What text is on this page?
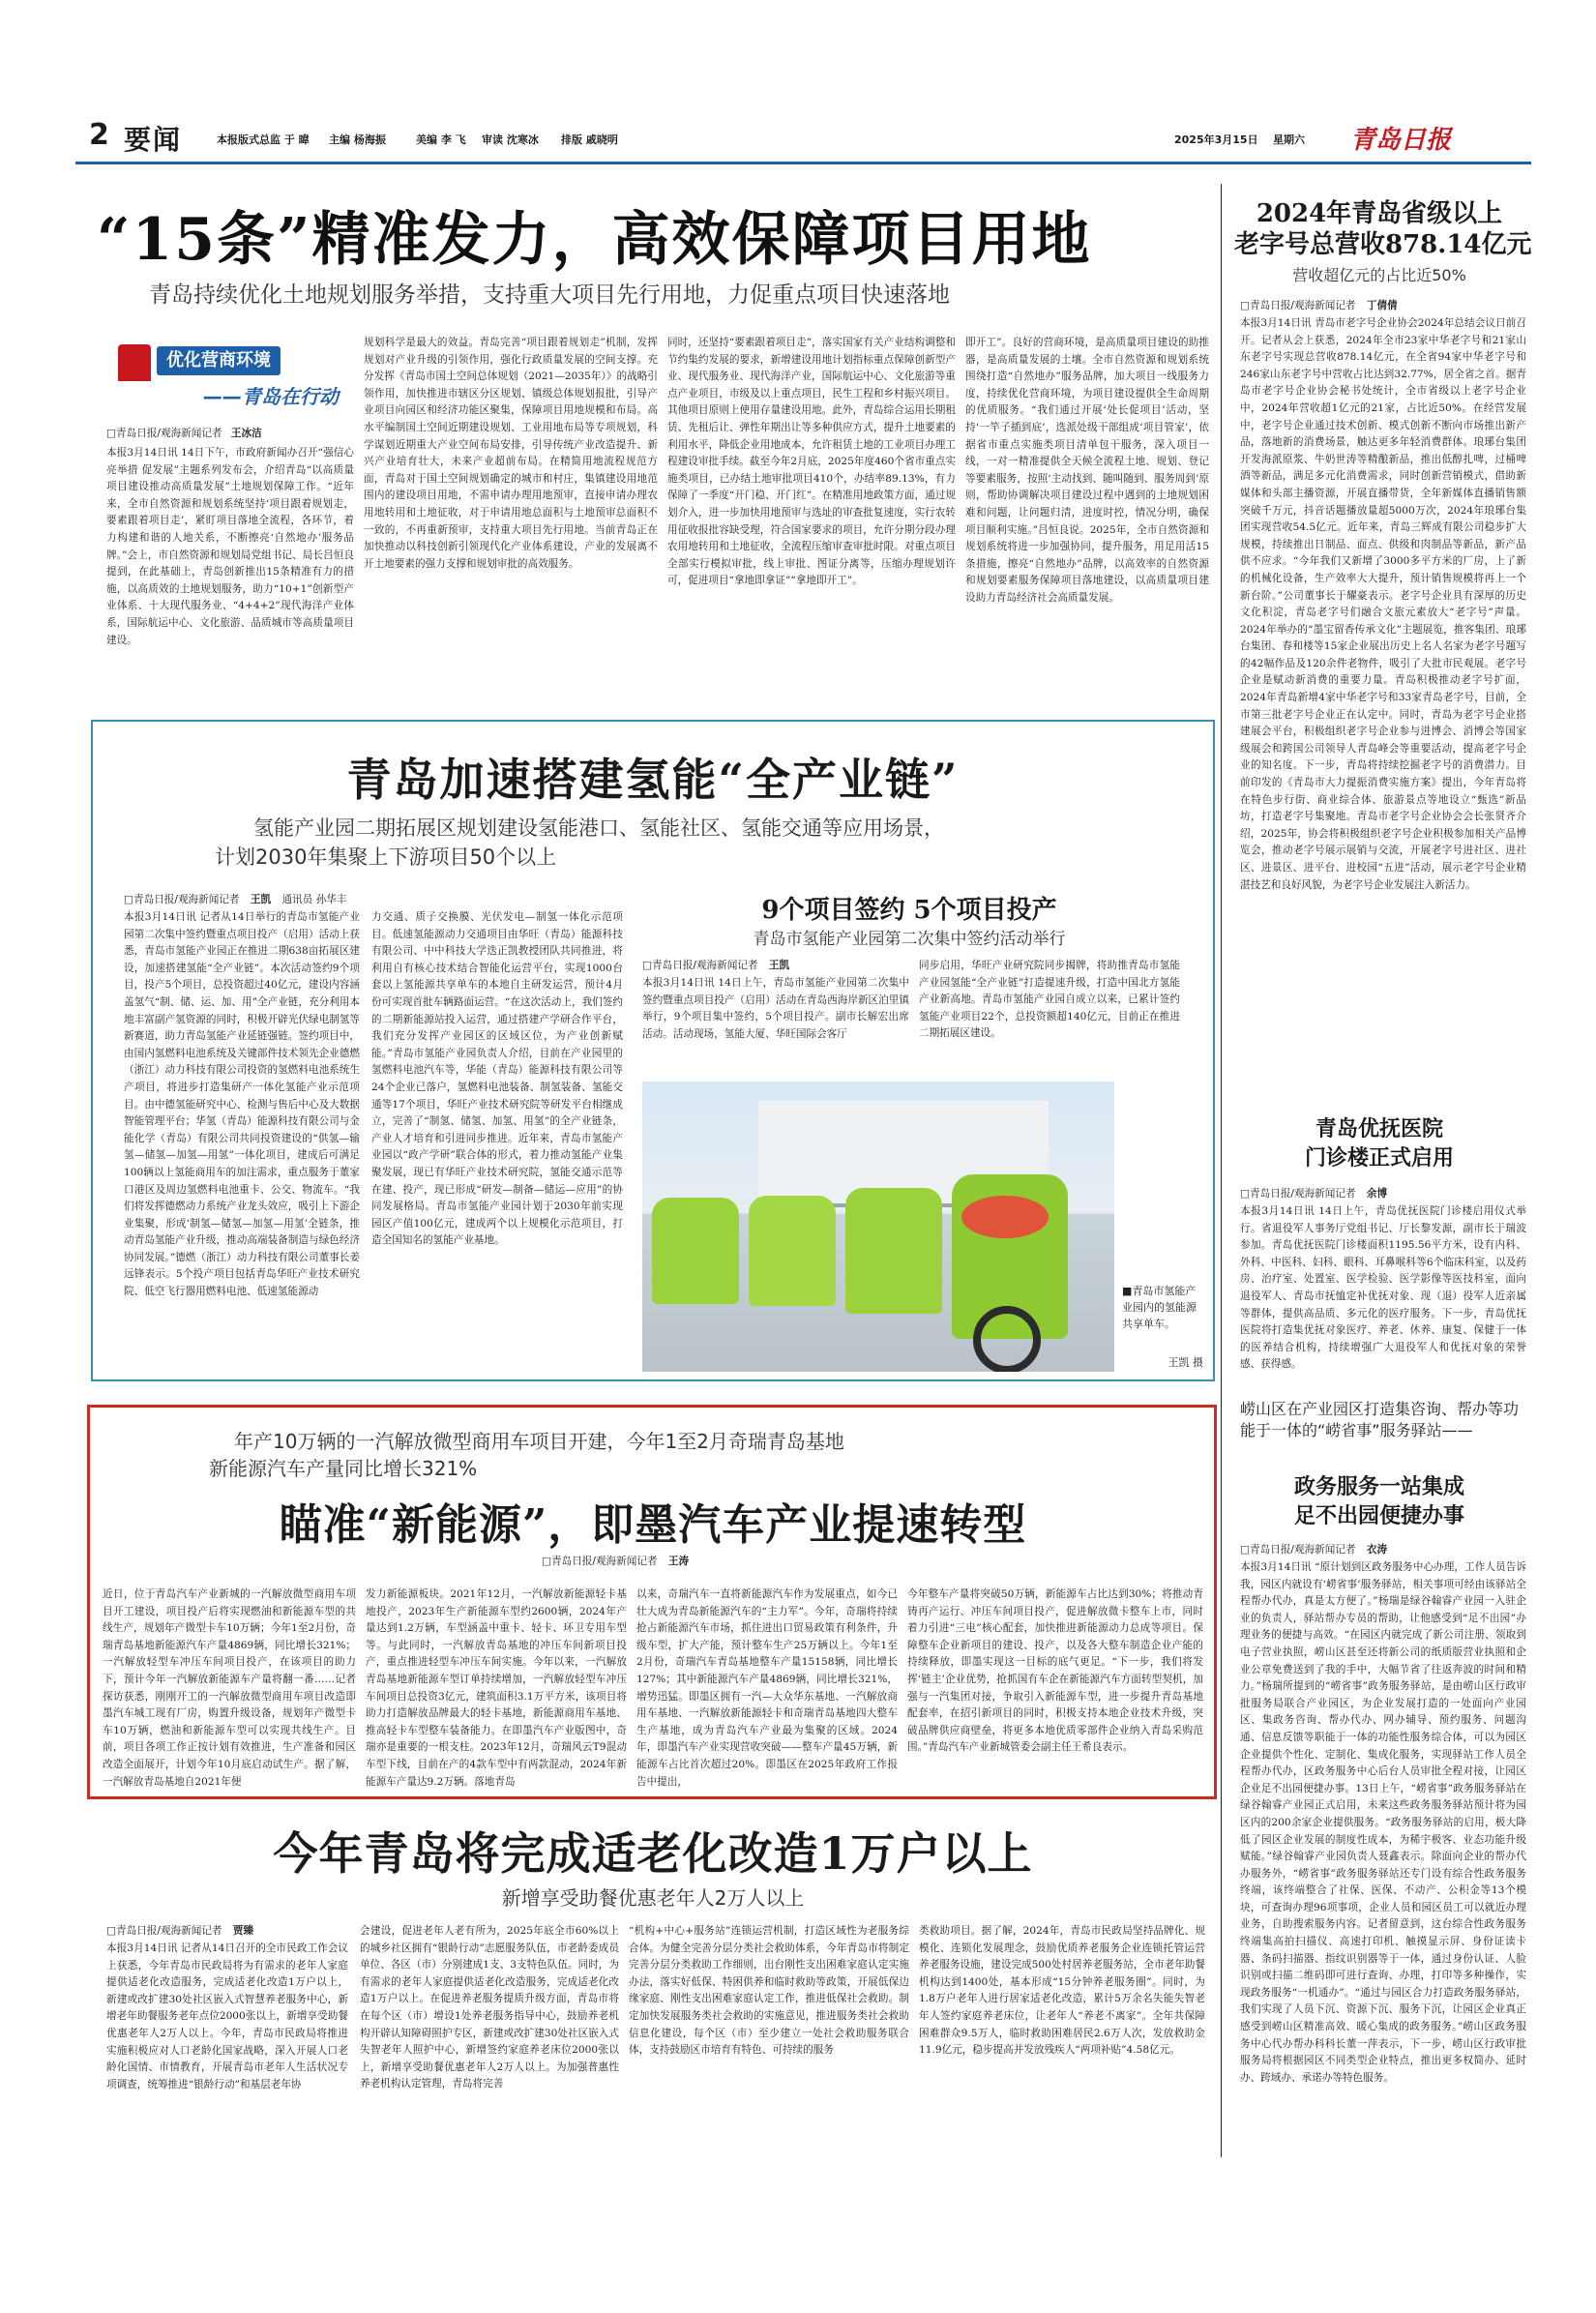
2 要闻	本报版式总监 于 暐 主编 杨海振	美编 李 飞 审读 沈寒冰 排版 戚晓明	2025年3月15日 星期六 青岛日报
“15条”精准发力，高效保障项目用地
青岛持续优化土地规划服务举措，支持重大项目先行用地，力促重点项目快速落地
优化营商环境
——青岛在行动
□青岛日报/观海新闻记者 王冰洁
本报3月14日讯 14日下午，市政府新闻办召开“强信心 亮举措 促发展”主题系列发布会，介绍青岛“以高质量项目建设推动高质量发展”土地规划保障工作。“近年来，全市自然资源和规划系统坚持‘项目跟着规划走，要素跟着项目走’，紧盯项目落地全流程，各环节，着力构建和谐的人地关系，不断擦亮‘自然地办’服务品牌。”会上，市自然资源和规划局党组书记、局长吕恒良提到，在此基础上，青岛创新推出15条精准有力的措施，以高质效的土地规划服务，助力“10+1”创新型产业体系、十大现代服务业、“4+4+2”现代海洋产业体系，国际航运中心、文化旅游、品质城市等高质量项目建设。
规划科学是最大的效益。青岛完善“项目跟着规划走”机制，发挥规划对产业升级的引领作用，强化行政质量发展的空间支撑。充分发挥《青岛市国土空间总体规划（2021—2035年）》的战略引领作用，加快推进市辖区分区规划、镇级总体规划报批，引导产业项目向园区和经济功能区聚集，保障项目用地规模和布局。高水平编制国土空间近期建设规划、工业用地布局等专项规划，科学谋划近期重大产业空间布局安排，引导传统产业改造提升、新兴产业培育壮大，未来产业超前布局。在精简用地流程规范方面，青岛对于国土空间规划确定的城市和村庄，集镇建设用地范围内的建设项目用地，不需申请办理用地预审，直接申请办理农用地转用和土地征收，对于申请用地总面积与土地预审总面积不一致的，不再重新预审，支持重大项目先行用地。当前青岛正在加快推动以科技创新引领现代化产业体系建设，产业的发展离不开土地要素的强力支撑和规划审批的高效服务。
同时，还坚持“要素跟着项目走”，落实国家有关产业结构调整和节约集约发展的要求，新增建设用地计划指标重点保障创新型产业、现代服务业、现代海洋产业，国际航运中心、文化旅游等重点产业项目，市级及以上重点项目，民生工程和乡村振兴项目。其他项目原则上使用存量建设用地。此外，青岛综合运用长期租赁、先租后让、弹性年期出让等多种供应方式，提升土地要素的利用水平，降低企业用地成本，允许租赁土地的工业项目办理工程建设审批手续。截至今年2月底，2025年度460个省市重点实施类项目，已办结土地审批项目410个，办结率89.13%，有力保障了一季度“开门稳、开门红”。在精准用地政策方面，通过规划介入，进一步加快用地预审与选址的审查批复速度，实行农转用征收报批容缺受理，符合国家要求的项目，允许分期分段办理农用地转用和土地征收，全流程压缩审查审批时限。对重点项目全部实行模拟审批，线上审批、图证分离等，压缩办理规划许可，促进项目“拿地即拿证”“拿地即开工”。
即开工”。良好的营商环境，是高质量项目建设的助推器，是高质量发展的土壤。全市自然资源和规划系统围绕打造“自然地办”服务品牌，加大项目一线服务力度，持续优化营商环境，为项目建设提供全生命周期的优质服务。“我们通过开展‘处长促项目’活动，坚持‘一竿子插到底’，选派处级干部组成‘项目管家’，依据省市重点实施类项目清单包干服务，深入项目一线，一对一精准提供全天候全流程土地、规划、登记等要素服务，按照‘主动找到、随叫随到、服务周到’原则，帮助协调解决项目建设过程中遇到的土地规划困难和问题，让问题归清，进度时控，情况分明，确保项目顺利实施。”吕恒良说。2025年，全市自然资源和规划系统将进一步加强协同，提升服务，用足用活15条措施，擦亮“自然地办”品牌，以高效率的自然资源和规划要素服务保障项目落地建设，以高质量项目建设助力青岛经济社会高质量发展。
2024年青岛省级以上
老字号总营收878.14亿元
营收超亿元的占比近50%
□青岛日报/观海新闻记者 丁倩倩
本报3月14日讯 青岛市老字号企业协会2024年总结会议日前召开。记者从会上获悉，2024年全市23家中华老字号和21家山东老字号实现总营收878.14亿元，在全省94家中华老字号和246家山东老字号中营收占比达到32.77%，居全省之首。据青岛市老字号企业协会秘书处统计，全市省级以上老字号企业中，2024年营收超1亿元的21家，占比近50%。在经营发展中，老字号企业通过技术创新、模式创新不断向市场推出新产品，落地新的消费场景，触达更多年轻消费群体。琅琊台集团开发海派原浆、牛奶世涛等精酿新品，推出低醇扎啤，过桶啤酒等新品，满足多元化消费需求，同时创新营销模式，借助新媒体和头部主播资源，开展直播带货，全年新媒体直播销售额突破千万元，抖音话题播放量超5000万次，2024年琅琊台集团实现营收54.5亿元。近年来，青岛三辉成有限公司稳步扩大规模，持续推出日制品、面点、供级和肉制品等新品，新产品供不应求。“今年我们又新增了3000多平方米的厂房，上了新的机械化设备，生产效率大大提升，预计销售规模将再上一个新台阶。”公司董事长于耀豪表示。老字号企业具有深厚的历史文化积淀，青岛老字号们融合文旅元素放大“老字号”声量。2024年举办的“墨宝留香传承文化”主题展览，推客集团、琅琊台集团、春和楼等15家企业展出历史上名人名家为老字号题写的42幅作品及120余件老物件，吸引了大批市民观展。老字号企业是赋动新消费的重要力量。青岛积极推动老字号扩面，2024年青岛新增4家中华老字号和33家青岛老字号，目前，全市第三批老字号企业正在认定中。同时，青岛为老字号企业搭建展会平台，积极组织老字号企业参与进博会、消博会等国家级展会和跨国公司领导人青岛峰会等重要活动，提高老字号企业的知名度。下一步，青岛将持续挖掘老字号的消费潜力。目前印发的《青岛市大力提振消费实施方案》提出，今年青岛将在特色步行街、商业综合体、旅游景点等地设立“甄选”新品坊，打造老字号集聚地。青岛市老字号企业协会会长张贤齐介绍，2025年，协会将积极组织老字号企业积极参加相关产品博览会，推动老字号展示展销与交流，开展老字号进社区、进社区、进景区、进平台、进校园“五进”活动，展示老字号企业精湛技艺和良好风貌，为老字号企业发展注入新活力。
青岛优抚医院
门诊楼正式启用
□青岛日报/观海新闻记者 余博
本报3月14日讯 14日上午，青岛优抚医院门诊楼启用仪式举行。省退役军人事务厅党组书记、厅长黎发源，副市长于瑞波参加。青岛优抚医院门诊楼面积1195.56平方米，设有内科、外科、中医科、妇科、眼科、耳鼻喉科等6个临床科室，以及药房、治疗室、处置室、医学检验、医学影像等医技科室，面向退役军人、青岛市抚恤定补优抚对象、现（退）役军人近亲属等群体，提供高品质、多元化的医疗服务。下一步，青岛优抚医院将打造集优抚对象医疗、养老、休养、康复、保健于一体的医养结合机构，持续增强广大退役军人和优抚对象的荣誉感、获得感。
崂山区在产业园区打造集咨询、帮办等功能于一体的“崂省事”服务驿站——
政务服务一站集成
足不出园便捷办事
□青岛日报/观海新闻记者 衣涛
本报3月14日讯 “原计划到区政务服务中心办理，工作人员告诉我，园区内就设有‘崂省事’服务驿站，相关事项可经由该驿站全程帮办代办，真是太方便了。”杨瑞是绿谷翰睿产业园一入驻企业的负责人，驿站帮办专员的帮助，让他感受到“足不出园”办理业务的便捷与高效。“在园区内就完成了新公司注册、领取到电子营业执照，崂山区甚至还将新公司的纸质版营业执照和企业公章免费送到了我的手中，大幅节省了往返奔波的时间和精力。”杨瑞所提到的“崂省事”政务服务驿站，是由崂山区行政审批服务局联合产业园区，为企业发展打造的一处面向产业园区、集政务咨询、帮办代办、网办辅导、预约服务、问题沟通、信息反馈等职能于一体的功能性服务综合体，可以为园区企业提供个性化、定制化、集成化服务，实现驿站工作人员全程帮办代办，区政务服务中心后台人员审批全程对接，让园区企业足不出园便捷办事。13日上午，“崂省事”政务服务驿站在绿谷翰睿产业园正式启用，未来这些政务服务驿站预计将为园区内的200余家企业提供服务。“政务服务驿站的启用，极大降低了园区企业发展的制度性成本，为稀宇极客、业态功能升级赋能。”绿谷翰睿产业园负责人聂鑫表示。除面向企业的帮办代办服务外，“崂省事”政务服务驿站还专门设有综合性政务服务终端，该终端整合了社保、医保、不动产、公积金等13个模块，可查询办理96项事项，企业人员和园区员工可以就近办理业务，自助搜索服务内容。记者留意到，这台综合性政务服务终端集高拍扫描仪、高速打印机、触摸显示屏、身份证读卡器、条码扫描器、指纹识别器等于一体，通过身份认证、人脸识别或扫描二维码即可进行查询、办理，打印等多种操作，实现政务服务“一机通办”。“通过与园区合力打造政务服务驿站，我们实现了人员下沉、资源下沉、服务下沉，让园区企业真正感受到崂山区精准高效、暖心集成的政务服务。”崂山区政务服务中心代办帮办科科长董一萍表示，下一步，崂山区行政审批服务局将根据园区不同类型企业特点，推出更多权简办、延时办、跨域办、承诺办等特色服务。
青岛加速搭建氢能“全产业链”
氢能产业园二期拓展区规划建设氢能港口、氢能社区、氢能交通等应用场景，
计划2030年集聚上下游项目50个以上
□青岛日报/观海新闻记者 王凯 通讯员 孙华丰
本报3月14日讯 记者从14日举行的青岛市氢能产业园第二次集中签约暨重点项目投产（启用）活动上获悉，青岛市氢能产业园正在推进二期638亩拓展区建设，加速搭建氢能“全产业链”。本次活动签约9个项目，投产5个项目，总投资超过40亿元，建设内容涵盖氢气“制、储、运、加、用”全产业链，充分利用本地丰富副产氢资源的同时，积极开辟光伏绿电制氢等新赛道，助力青岛氢能产业延链强链。签约项目中，由国内氢燃料电池系统及关键部件技术领先企业德燃（浙江）动力科技有限公司投资的氢燃料电池系统生产项目，将进步打造集研产一体化氢能产业示范项目。由中德氢能研究中心、检测与售后中心及大数据智能管理平台；华氢（青岛）能源科技有限公司与金能化学（青岛）有限公司共同投资建设的“供氢—输氢—储氢—加氢—用氢”一体化项目，建成后可满足100辆以上氢能商用车的加注需求，重点服务于董家口港区及周边氢燃料电池重卡、公交、物流车。“我们将发挥德燃动力系统产业龙头效应，吸引上下游企业集聚，形成‘制氢—储氢—加氢—用氢’全链条，推动青岛氢能产业升级，推动高端装备制造与绿色经济协同发展。”德燃（浙江）动力科技有限公司董事长姜远锋表示。5个投产项目包括青岛华旺产业技术研究院、低空飞行器用燃料电池、低速氢能源动
力交通、质子交换膜、光伏发电—制氢一体化示范项目。低速氢能源动力交通项目由华旺（青岛）能源科技有限公司、中中科技大学迭正凯教授团队共同推进，将利用自有核心技术结合智能化运营平台，实现1000台套以上氢能源共享单车的本地自主研发运营，预计4月份可实现首批车辆路面运营。“在这次活动上，我们签约的二期新能源站投入运营，通过搭建产学研合作平台，我们充分发挥产业园区的区域区位，为产业创新赋能。”青岛市氢能产业园负责人介绍，目前在产业园里的氢燃料电池汽车等，华能（青岛）能源科技有限公司等24个企业已落户，氢燃料电池装备、制氢装备、氢能交通等17个项目，华旺产业技术研究院等研发平台相继成立，完善了“制氢、储氢、加氢、用氢”的全产业链条，产业人才培育和引进同步推进。近年来，青岛市氢能产业园以“政产学研”联合体的形式，着力推动氢能产业集聚发展，现已有华旺产业技术研究院，氢能交通示范等在建、投产，现已形成“研发—制备—储运—应用”的协同发展格局。青岛市氢能产业园计划于2030年前实现园区产值100亿元，建成两个以上规模化示范项目，打造全国知名的氢能产业基地。
9个项目签约 5个项目投产
青岛市氢能产业园第二次集中签约活动举行
□青岛日报/观海新闻记者 王凯
本报3月14日讯 14日上午，青岛市氢能产业园第二次集中签约暨重点项目投产（启用）活动在青岛西海岸新区泊里镇举行，9个项目集中签约，5个项目投产。副市长解宏出席活动。活动现场，氢能大厦、华旺国际会客厅
同步启用，华旺产业研究院同步揭牌，将助推青岛市氢能产业园氢能“全产业链”打造提速升级，打造中国北方氢能产业新高地。青岛市氢能产业园自成立以来，已累计签约氢能产业项目22个，总投资额超140亿元，目前正在推进二期拓展区建设。
■青岛市氢能产业园内的氢能源共享单车。
王凯 摄
年产10万辆的一汽解放微型商用车项目开建，今年1至2月奇瑞青岛基地
新能源汽车产量同比增长321%
瞄准“新能源”，即墨汽车产业提速转型
□青岛日报/观海新闻记者 王涛
近日，位于青岛汽车产业新城的一汽解放微型商用车项目开工建设，项目投产后将实现燃油和新能源车型的共线生产，规划年产微型卡车10万辆；今年1至2月份，奇瑞青岛基地新能源汽车产量4869辆，同比增长321%；一汽解放轻型车冲压车间项目投产，在该项目的助力下，预计今年一汽解放新能源车产量将翻一番……记者探访获悉，刚刚开工的一汽解放微型商用车项目改造即墨汽车城工现有厂房，购置升级设备，规划年产微型卡车10万辆，燃油和新能源车型可以实现共线生产。目前，项目各项工作正按计划有效推进，生产准备和园区改造全面展开，计划今年10月底启动试生产。据了解，一汽解放青岛基地自2021年便
发力新能源板块。2021年12月，一汽解放新能源轻卡基地投产，2023年生产新能源车型约2600辆，2024年产量达到1.2万辆，车型涵盖中重卡、轻卡、环卫专用车型等。与此同时，一汽解放青岛基地的冲压车间新项目投产，重点推进轻型车冲压车间实施。今年以来，一汽解放青岛基地新能源车型订单持续增加，一汽解放轻型车冲压车间项目总投资3亿元，建筑面积3.1万平方米，该项目将助力打造解放品牌最大的轻卡基地，新能源商用车基地、推高轻卡车型整车装备能力。在即墨汽车产业版图中，奇瑞亦是重要的一根支柱。2023年12月，奇瑞风云T9混动车型下线，目前在产的4款车型中有两款混动，2024年新能源车产量达9.2万辆。落地青岛
以来，奇瑞汽车一直将新能源汽车作为发展重点，如今已壮大成为青岛新能源汽车的“主力军”。今年，奇瑞将持续抢占新能源汽车市场，抓住进出口贸易政策有利条件，升级车型，扩大产能，预计整车生产25万辆以上。今年1至2月份，奇瑞汽车青岛基地整车产量15158辆，同比增长127%；其中新能源汽车产量4869辆，同比增长321%，增势迅猛。即墨区拥有一汽—大众华东基地、一汽解放商用车基地、一汽解放新能源轻卡和奇瑞青岛基地四大整车生产基地，成为青岛汽车产业最为集聚的区域。2024年，即墨汽车产业实现营收突破——整车产量45万辆，新能源车占比首次超过20%。即墨区在2025年政府工作报告中提出，
今年整车产量将突破50万辆，新能源车占比达到30%；将推动青铸再产运行、冲压车间项目投产，促进解放微卡整车上市，同时着力引进“三电”核心配套，加快推进新能源动力总成等项目。保障整车企业新项目的建设、投产，以及各大整车制造企业产能的持续释放，即墨实现这一目标的底气更足。“下一步，我们将发挥‘链主’企业优势，抢抓国有车企在新能源汽车方面转型契机，加强与一汽集团对接，争取引入新能源车型，进一步提升青岛基地配套率，在招引新项目的同时，积极支持本地企业技术升级，突破品牌供应商壁垒，将更多本地优质零部件企业纳入青岛采购范围。”青岛汽车产业新城管委会副主任王希良表示。
今年青岛将完成适老化改造1万户以上
新增享受助餐优惠老年人2万人以上
□青岛日报/观海新闻记者 贾臻
本报3月14日讯 记者从14日召开的全市民政工作会议上获悉，今年青岛市民政局将为有需求的老年人家庭提供适老化改造服务，完成适老化改造1万户以上，新建或改扩建30处社区嵌入式智慧养老服务中心，新增老年助餐服务老年点位2000张以上，新增享受助餐优惠老年人2万人以上。今年，青岛市民政局将推进实施积极应对人口老龄化国家战略，深入开展人口老龄化国情、市情教育，开展青岛市老年人生活状况专项调查，统筹推进“银龄行动”和基层老年协
会建设，促进老年人老有所为，2025年底全市60%以上的城乡社区拥有“银龄行动”志愿服务队伍，市老龄委成员单位、各区（市）分别建成1支、3支特色队伍。同时，为有需求的老年人家庭提供适老化改造服务，完成适老化改造1万户以上。在促进养老服务提质升级方面，青岛市将在每个区（市）增设1处养老服务指导中心，鼓励养老机构开辟认知障碍照护专区，新建或改扩建30处社区嵌入式失智老年人照护中心，新增签约家庭养老床位2000张以上，新增享受助餐优惠老年人2万人以上。为加强普惠性养老机构认定管理，青岛将完善
“机构+中心+服务站”连锁运营机制，打造区域性为老服务综合体。为健全完善分层分类社会救助体系，今年青岛市将制定完善分层分类救助工作细则，出台刚性支出困难家庭认定实施办法，落实好低保、特困供养和临时救助等政策，开展低保边缘家庭、刚性支出困难家庭认定工作，推进低保社会救助。制定加快发展服务类社会救助的实施意见，推进服务类社会救助信息化建设，每个区（市）至少建立一处社会救助服务联合体，支持鼓励区市培育有特色、可持续的服务
类救助项目。据了解，2024年，青岛市民政局坚持品牌化、规模化、连锁化发展理念，鼓励优质养老服务企业连锁托管运营养老服务设施，建设完成500处村居养老服务站，全市老年助餐机构达到1400处，基本形成“15分钟养老服务圈”。同时，为1.8万户老年人进行居家适老化改造，累计5万余名失能失智老年人签约家庭养老床位，让老年人“养老不离家”。全年共保障困难群众9.5万人，临时救助困难居民2.6万人次，发放救助金11.9亿元，稳步提高并发放残疾人“两项补贴”4.58亿元。
